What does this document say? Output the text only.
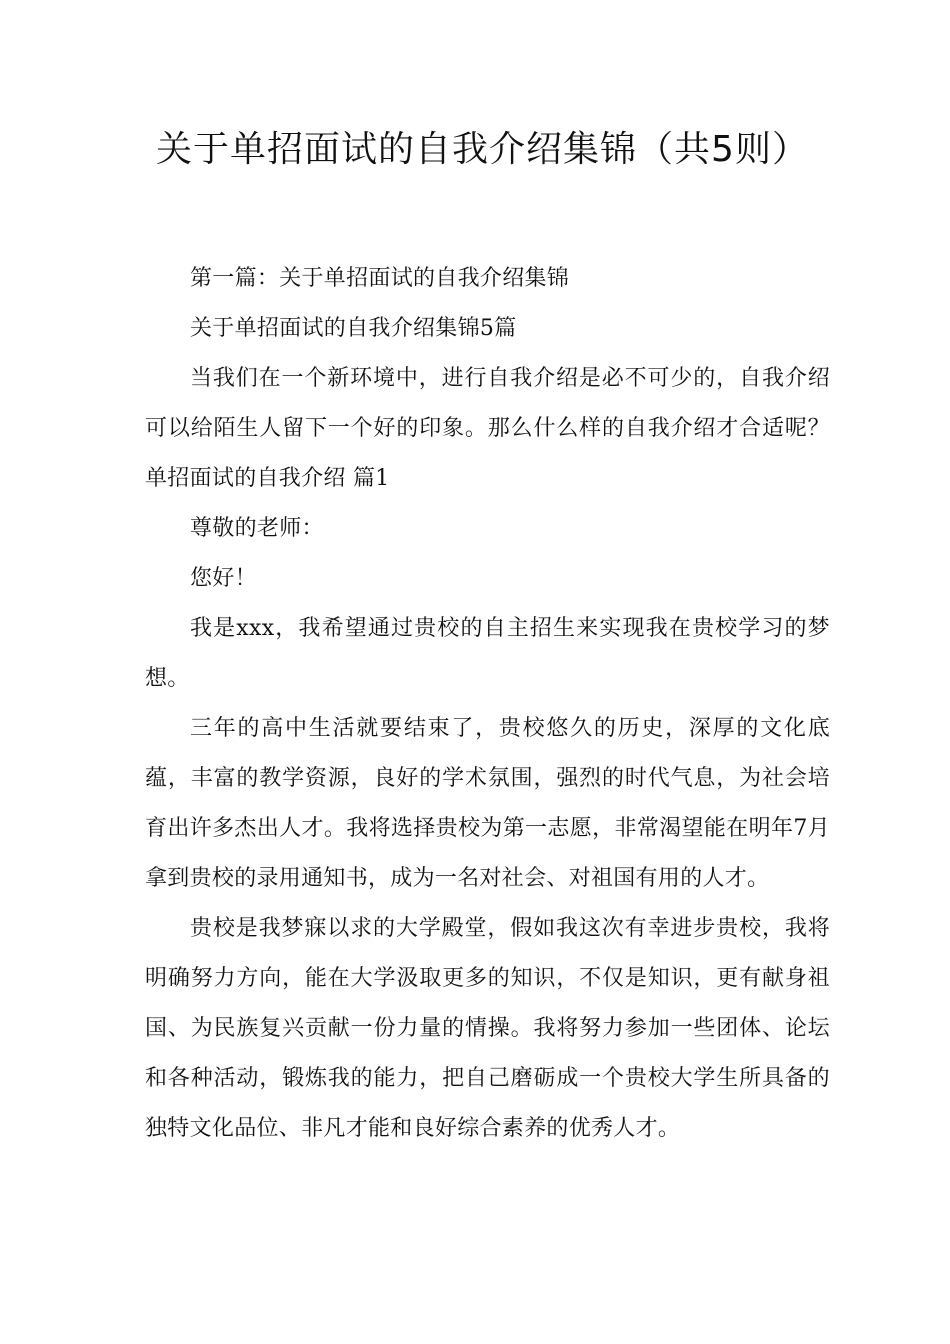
关于单招面试的自我介绍集锦（共5则）

第一篇：关于单招面试的自我介绍集锦

关于单招面试的自我介绍集锦5篇

当我们在一个新环境中，进行自我介绍是必不可少的，自我介绍可以给陌生人留下一个好的印象。那么什么样的自我介绍才合适呢？单招面试的自我介绍 篇1

尊敬的老师：

您好！

我是xxx，我希望通过贵校的自主招生来实现我在贵校学习的梦想。

三年的高中生活就要结束了，贵校悠久的历史，深厚的文化底蕴，丰富的教学资源，良好的学术氛围，强烈的时代气息，为社会培育出许多杰出人才。我将选择贵校为第一志愿，非常渴望能在明年7月拿到贵校的录用通知书，成为一名对社会、对祖国有用的人才。

贵校是我梦寐以求的大学殿堂，假如我这次有幸进步贵校，我将明确努力方向，能在大学汲取更多的知识，不仅是知识，更有献身祖国、为民族复兴贡献一份力量的情操。我将努力参加一些团体、论坛和各种活动，锻炼我的能力，把自己磨砺成一个贵校大学生所具备的独特文化品位、非凡才能和良好综合素养的优秀人才。
